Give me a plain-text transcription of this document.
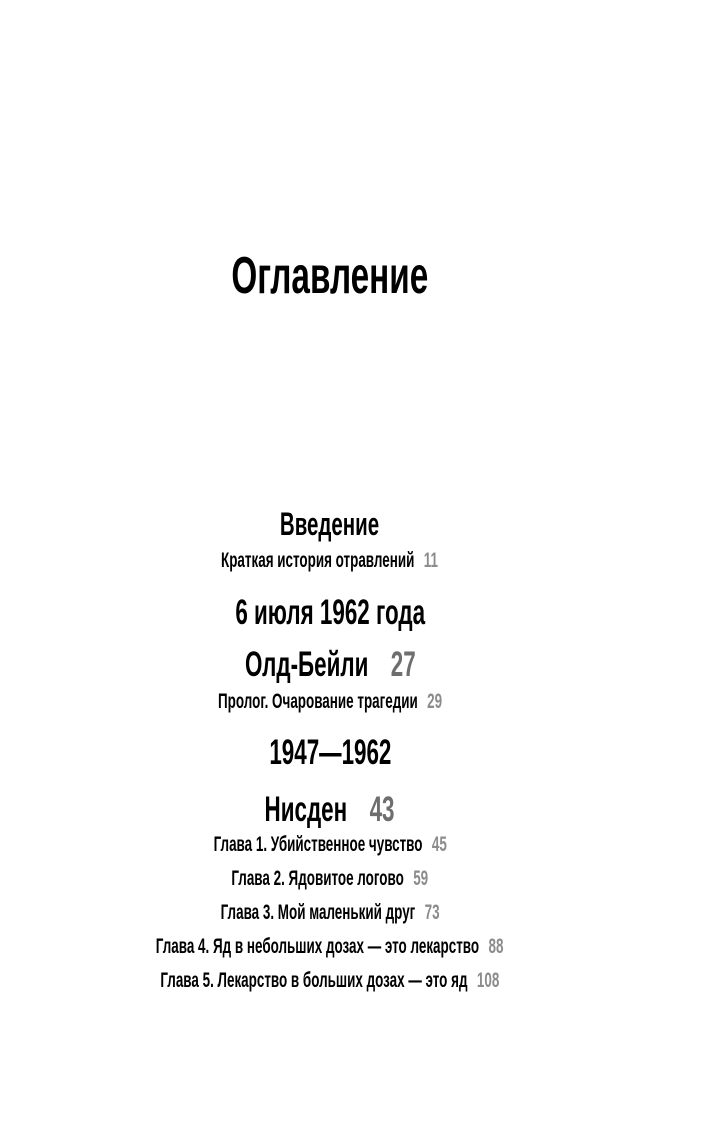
Оглавление
Введение
Краткая история отравлений 11
6 июля 1962 года
Олд-Бейли 27
Пролог. Очарование трагедии 29
1947—1962
Нисден 43
Глава 1. Убийственное чувство 45
Глава 2. Ядовитое логово 59
Глава 3. Мой маленький друг 73
Глава 4. Яд в небольших дозах — это лекарство 88
Глава 5. Лекарство в больших дозах — это яд 108
